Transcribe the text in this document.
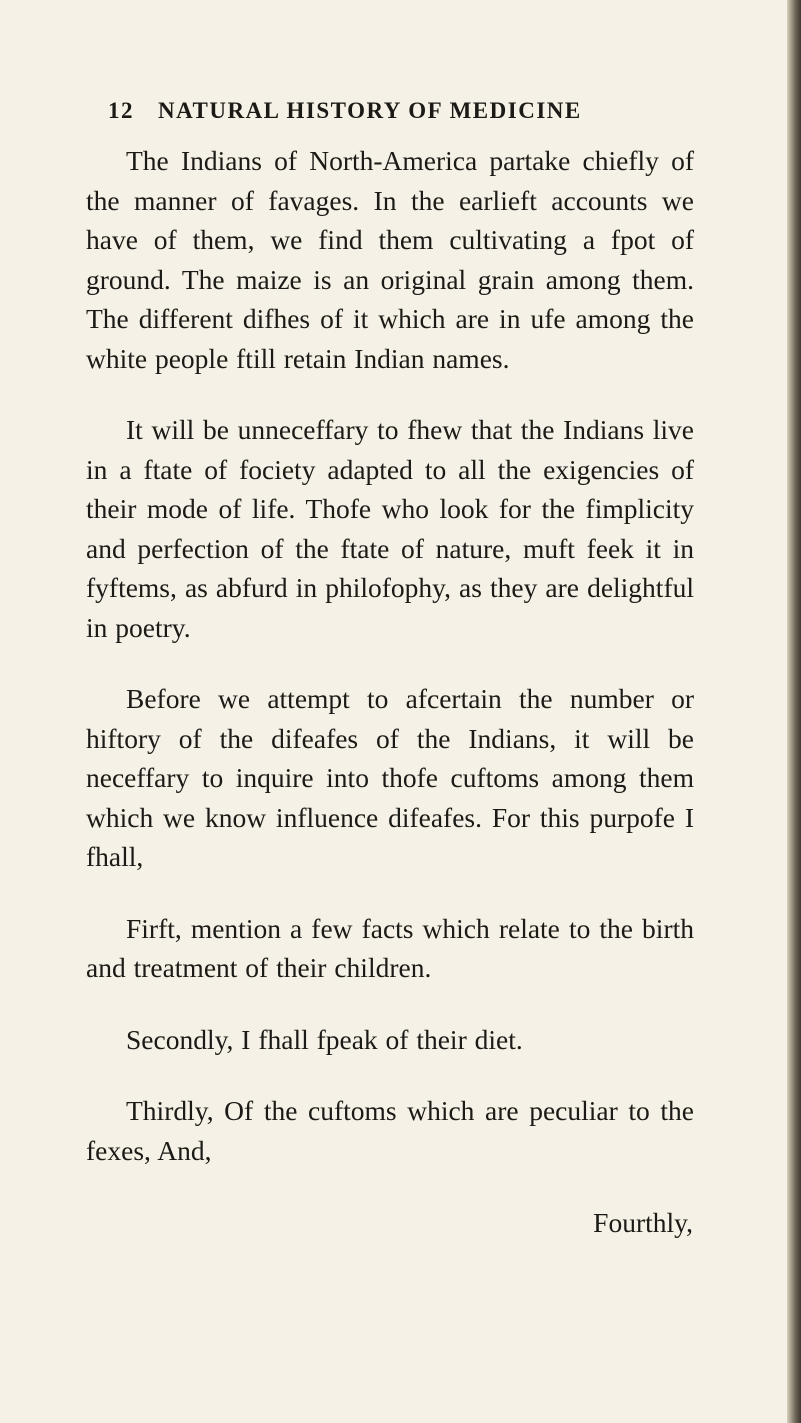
12 NATURAL HISTORY OF MEDICINE

The Indians of North-America partake chiefly of the manner of favages. In the earlieft accounts we have of them, we find them cultivating a fpot of ground. The maize is an original grain among them. The different difhes of it which are in ufe among the white people ftill retain Indian names.

It will be unneceffary to fhew that the Indians live in a ftate of fociety adapted to all the exigencies of their mode of life. Thofe who look for the fimplicity and perfection of the ftate of nature, muft feek it in fyftems, as abfurd in philofophy, as they are delightful in poetry.

Before we attempt to afcertain the number or hiftory of the difeafes of the Indians, it will be neceffary to inquire into thofe cuftoms among them which we know influence difeafes. For this purpofe I fhall,

Firft, mention a few facts which relate to the birth and treatment of their children.

Secondly, I fhall fpeak of their diet.

Thirdly, Of the cuftoms which are peculiar to the fexes, And,

Fourthly,
